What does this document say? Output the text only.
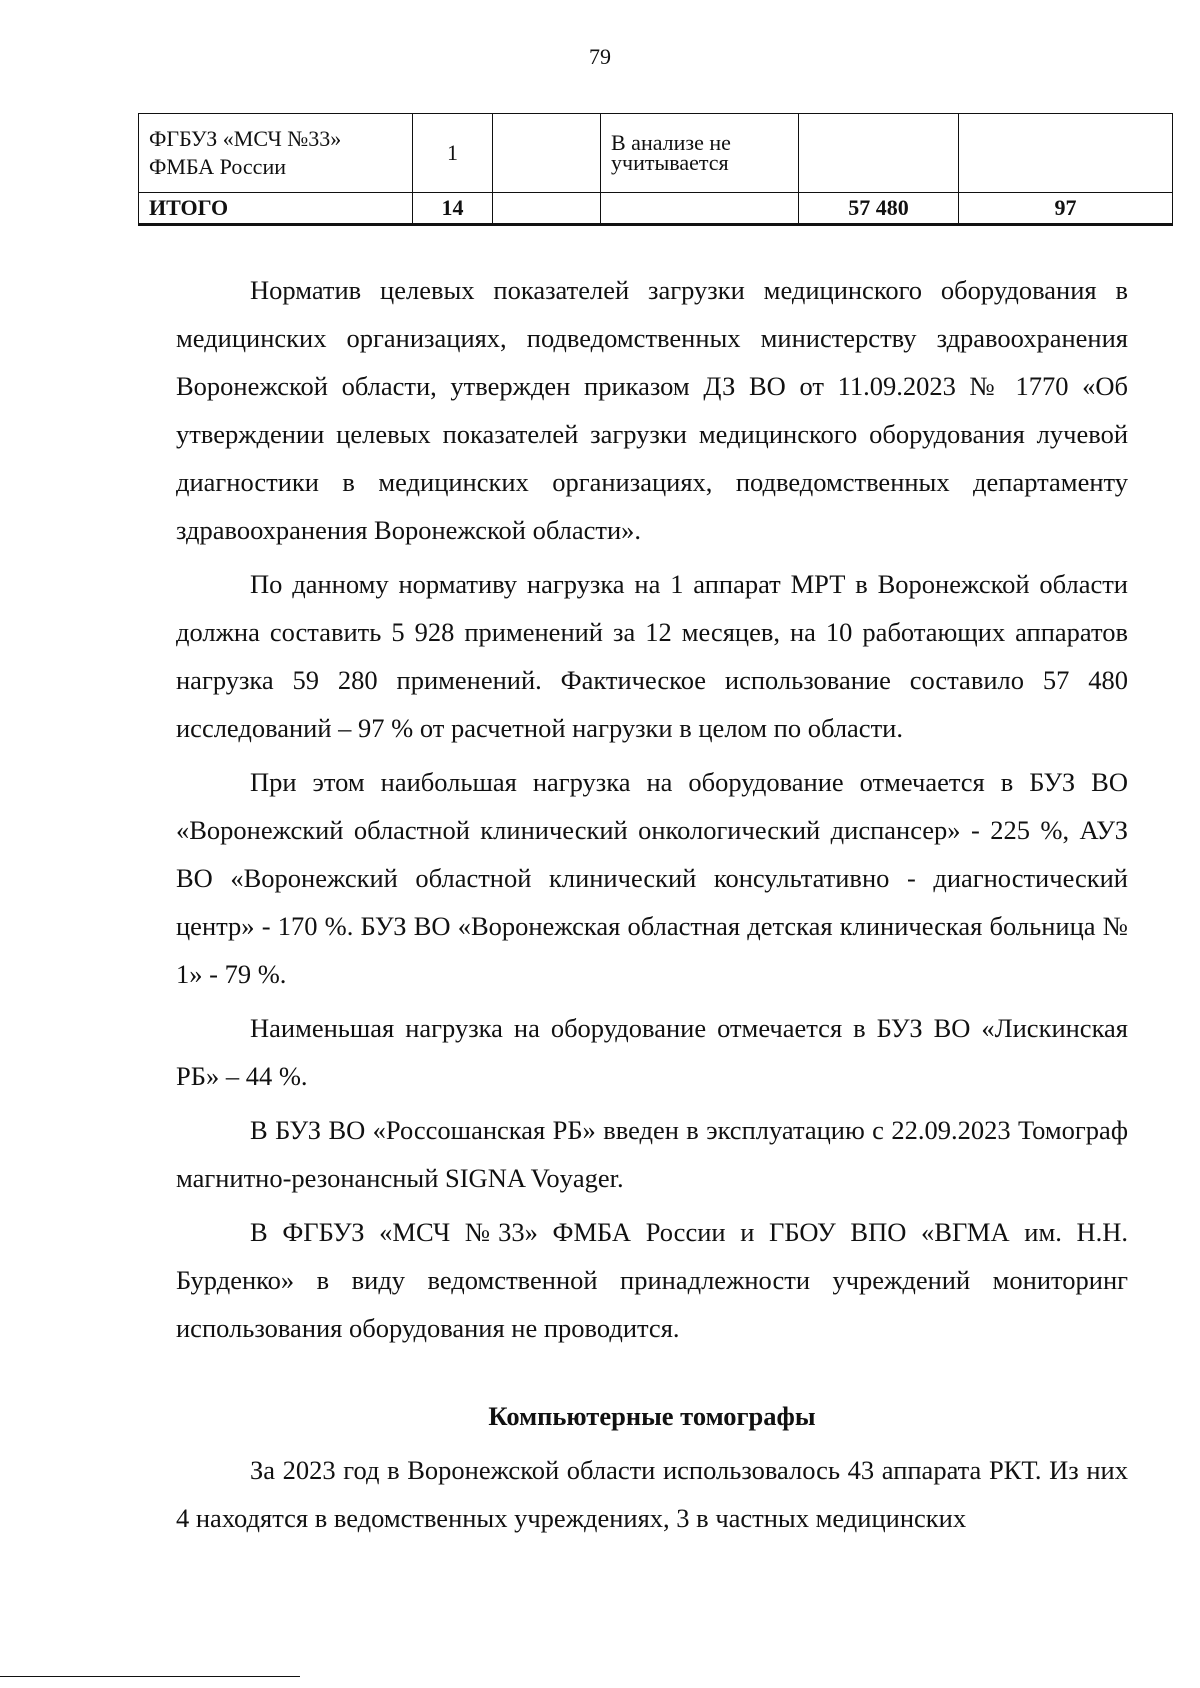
79
ФГБУЗ «МСЧ №33»
ФМБА России	1		В анализе не учитывается		
ИТОГО	14			57 480	97

Норматив целевых показателей загрузки медицинского оборудования в медицинских организациях, подведомственных министерству здравоохранения Воронежской области, утвержден приказом ДЗ ВО от 11.09.2023 № 1770 «Об утверждении целевых показателей загрузки медицинского оборудования лучевой диагностики в медицинских организациях, подведомственных департаменту здравоохранения Воронежской области».

По данному нормативу нагрузка на 1 аппарат МРТ в Воронежской области должна составить 5 928 применений за 12 месяцев, на 10 работающих аппаратов нагрузка 59 280 применений. Фактическое использование составило 57 480 исследований – 97 % от расчетной нагрузки в целом по области.

При этом наибольшая нагрузка на оборудование отмечается в БУЗ ВО «Воронежский областной клинический онкологический диспансер» - 225 %, АУЗ ВО «Воронежский областной клинический консультативно - диагностический центр» - 170 %. БУЗ ВО «Воронежская областная детская клиническая больница № 1» - 79 %.

Наименьшая нагрузка на оборудование отмечается в БУЗ ВО «Лискинская РБ» – 44 %.

В БУЗ ВО «Россошанская РБ» введен в эксплуатацию с 22.09.2023 Томограф магнитно-резонансный SIGNA Voyager.

В ФГБУЗ «МСЧ №33» ФМБА России и ГБОУ ВПО «ВГМА им. Н.Н. Бурденко» в виду ведомственной принадлежности учреждений мониторинг использования оборудования не проводится.

Компьютерные томографы

За 2023 год в Воронежской области использовалось 43 аппарата РКТ. Из них 4 находятся в ведомственных учреждениях, 3 в частных медицинских
